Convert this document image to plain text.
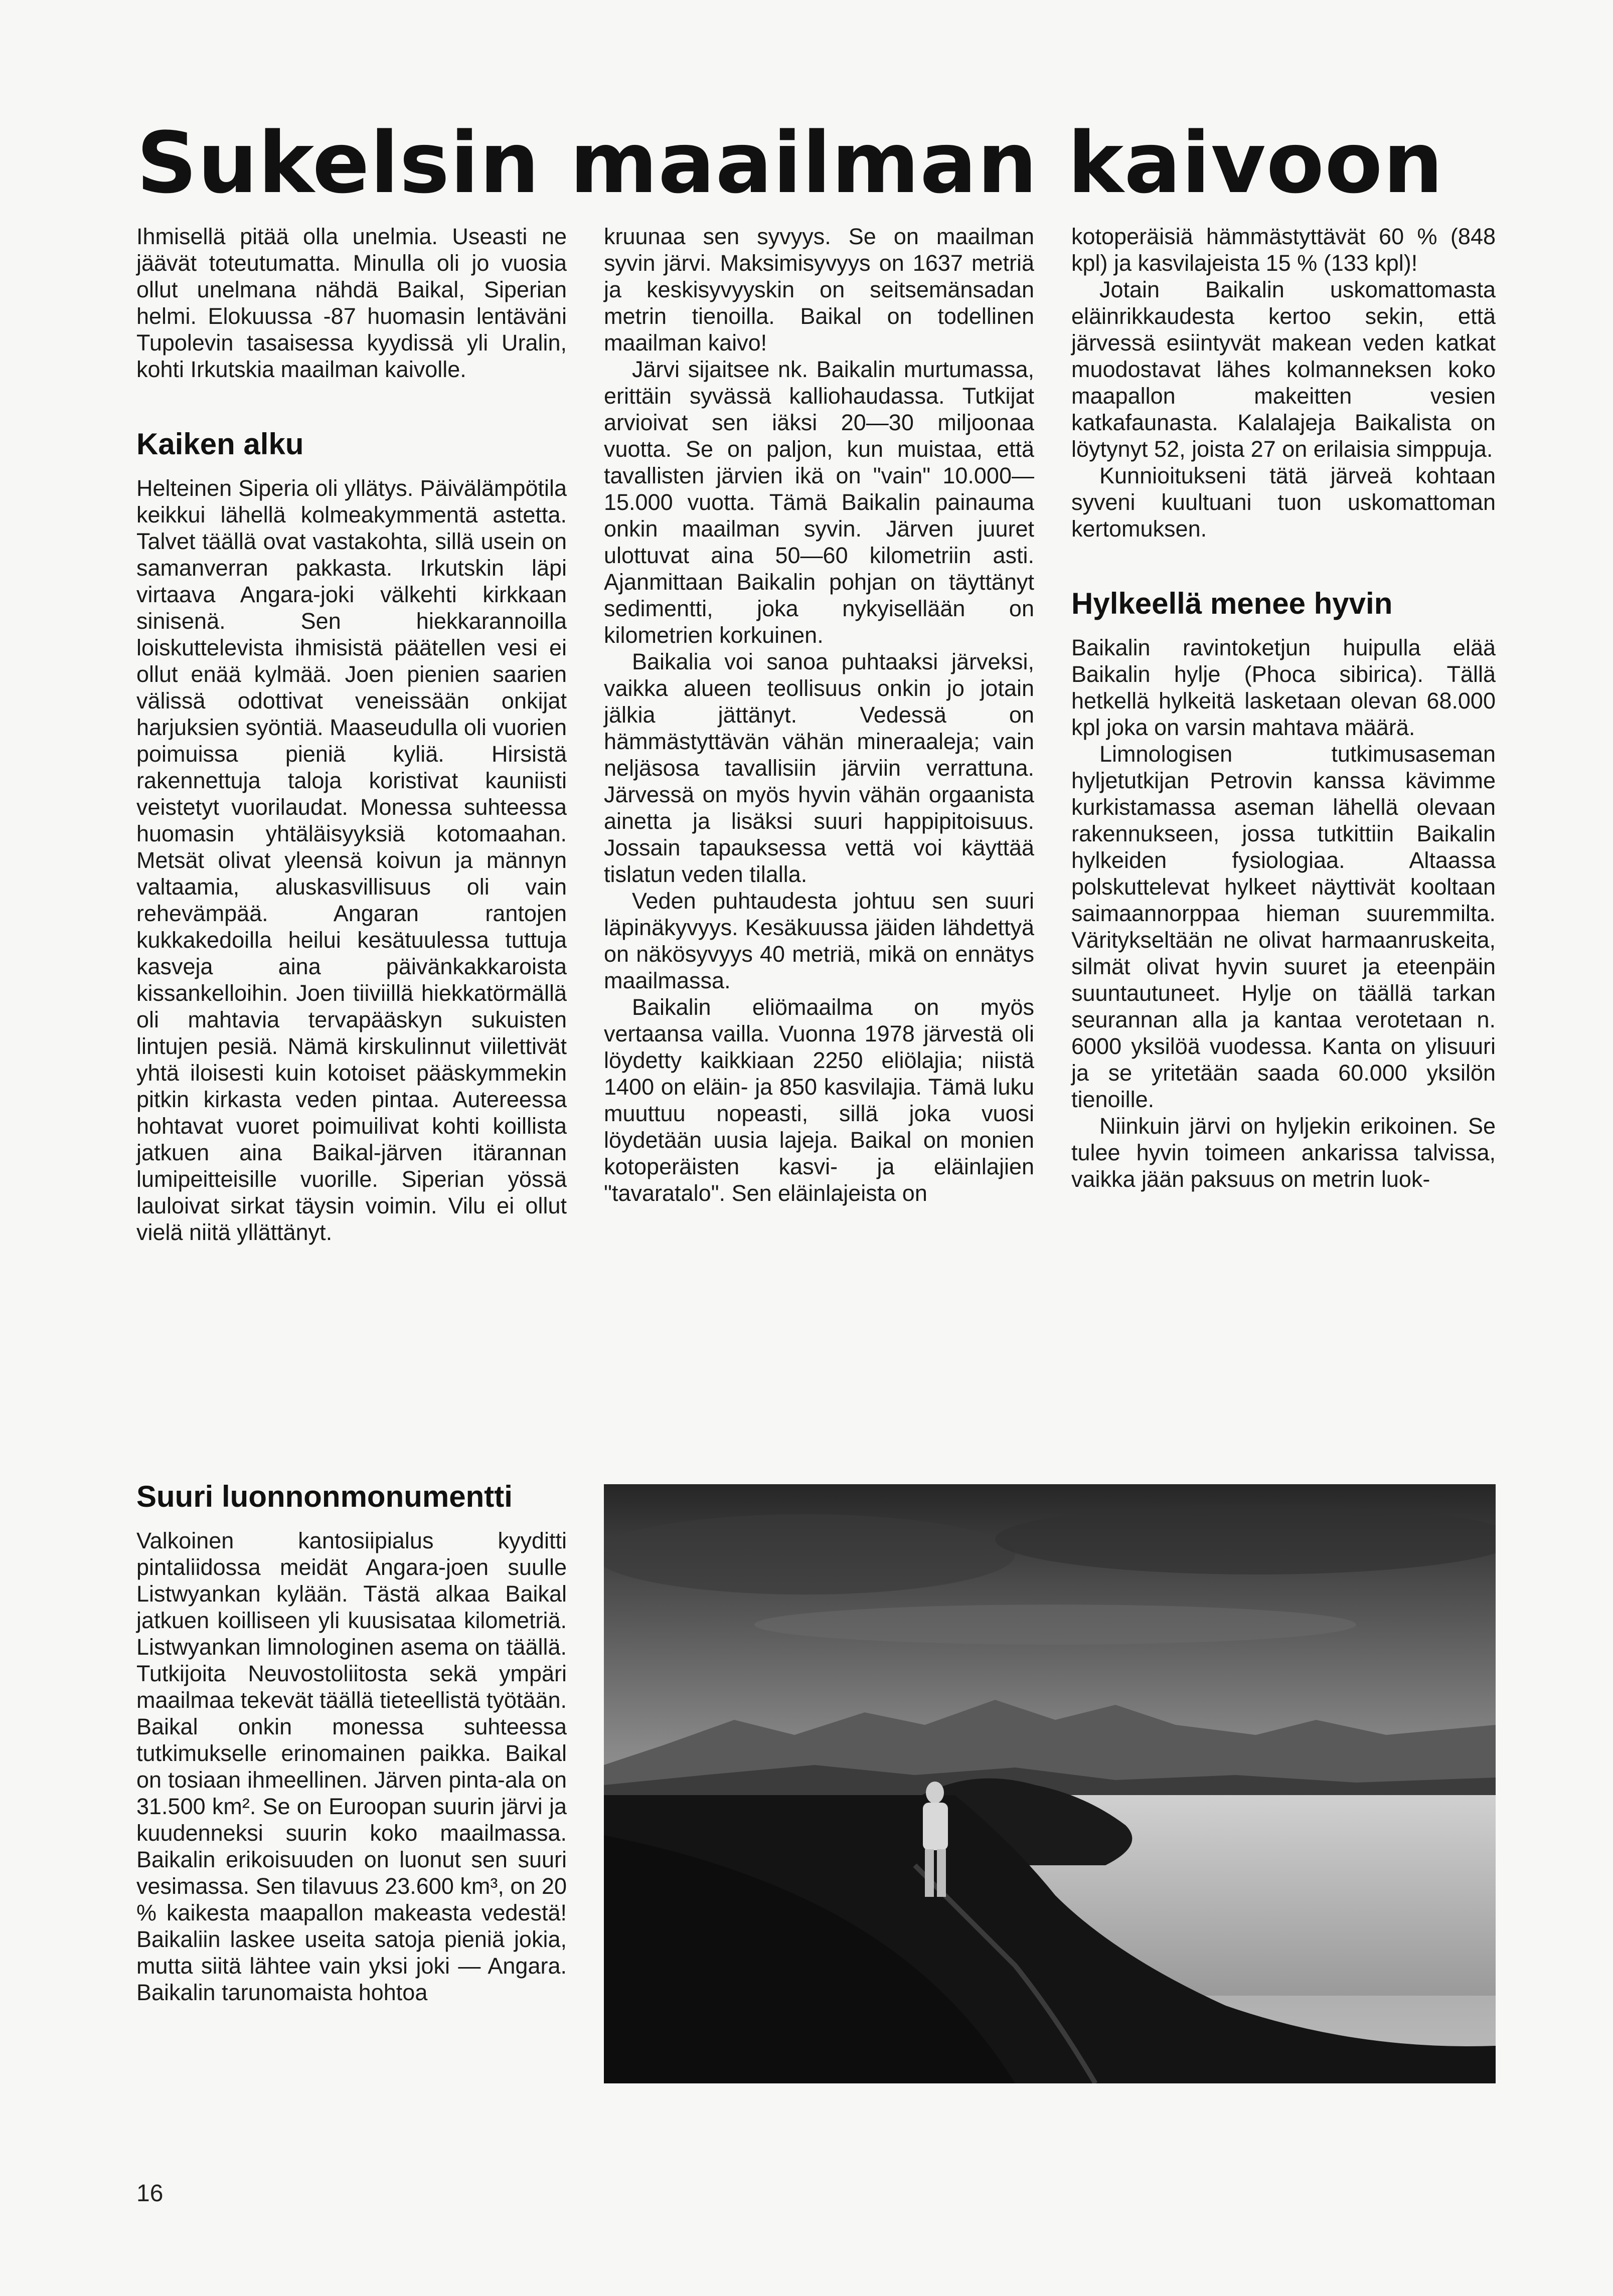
Sukelsin maailman kaivoon

Ihmisellä pitää olla unelmia. Useasti ne jäävät toteutumatta. Minulla oli jo vuosia ollut unelmana nähdä Baikal, Siperian helmi. Elokuussa -87 huomasin lentäväni Tupolevin tasaisessa kyydissä yli Uralin, kohti Irkutskia maailman kaivolle.

Kaiken alku

Helteinen Siperia oli yllätys. Päivälämpötila keikkui lähellä kolmeakymmentä astetta. Talvet täällä ovat vastakohta, sillä usein on samanverran pakkasta. Irkutskin läpi virtaava Angara-joki välkehti kirkkaan sinisenä. Sen hiekkarannoilla loiskuttelevista ihmisistä päätellen vesi ei ollut enää kylmää. Joen pienien saarien välissä odottivat veneissään onkijat harjuksien syöntiä. Maaseudulla oli vuorien poimuissa pieniä kyliä. Hirsistä rakennettuja taloja koristivat kauniisti veistetyt vuorilaudat. Monessa suhteessa huomasin yhtäläisyyksiä kotomaahan. Metsät olivat yleensä koivun ja männyn valtaamia, aluskasvillisuus oli vain rehevämpää. Angaran rantojen kukkakedoilla heilui kesätuulessa tuttuja kasveja aina päivänkakkaroista kissankelloihin. Joen tiiviillä hiekkatörmällä oli mahtavia tervapääskyn sukuisten lintujen pesiä. Nämä kirskulinnut viilettivät yhtä iloisesti kuin kotoiset pääskymmekin pitkin kirkasta veden pintaa. Autereessa hohtavat vuoret poimuilivat kohti koillista jatkuen aina Baikal-järven itärannan lumipeitteisille vuorille. Siperian yössä lauloivat sirkat täysin voimin. Vilu ei ollut vielä niitä yllättänyt.

kruunaa sen syvyys. Se on maailman syvin järvi. Maksimisyvyys on 1637 metriä ja keskisyvyyskin on seitsemänsadan metrin tienoilla. Baikal on todellinen maailman kaivo!

Järvi sijaitsee nk. Baikalin murtumassa, erittäin syvässä kalliohaudassa. Tutkijat arvioivat sen iäksi 20—30 miljoonaa vuotta. Se on paljon, kun muistaa, että tavallisten järvien ikä on "vain" 10.000—15.000 vuotta. Tämä Baikalin painauma onkin maailman syvin. Järven juuret ulottuvat aina 50—60 kilometriin asti. Ajanmittaan Baikalin pohjan on täyttänyt sedimentti, joka nykyisellään on kilometrien korkuinen.

Baikalia voi sanoa puhtaaksi järveksi, vaikka alueen teollisuus onkin jo jotain jälkia jättänyt. Vedessä on hämmästyttävän vähän mineraaleja; vain neljäsosa tavallisiin järviin verrattuna. Järvessä on myös hyvin vähän orgaanista ainetta ja lisäksi suuri happipitoisuus. Jossain tapauksessa vettä voi käyttää tislatun veden tilalla.

Veden puhtaudesta johtuu sen suuri läpinäkyvyys. Kesäkuussa jäiden lähdettyä on näkösyvyys 40 metriä, mikä on ennätys maailmassa.

Baikalin eliömaailma on myös vertaansa vailla. Vuonna 1978 järvestä oli löydetty kaikkiaan 2250 eliölajia; niistä 1400 on eläin- ja 850 kasvilajia. Tämä luku muuttuu nopeasti, sillä joka vuosi löydetään uusia lajeja. Baikal on monien kotoperäisten kasvi- ja eläinlajien "tavaratalo". Sen eläinlajeista on

kotoperäisiä hämmästyttävät 60 % (848 kpl) ja kasvilajeista 15 % (133 kpl)!

Jotain Baikalin uskomattomasta eläinrikkaudesta kertoo sekin, että järvessä esiintyvät makean veden katkat muodostavat lähes kolmanneksen koko maapallon makeitten vesien katkafaunasta. Kalalajeja Baikalista on löytynyt 52, joista 27 on erilaisia simppuja.

Kunnioitukseni tätä järveä kohtaan syveni kuultuani tuon uskomattoman kertomuksen.

Hylkeellä menee hyvin

Baikalin ravintoketjun huipulla elää Baikalin hylje (Phoca sibirica). Tällä hetkellä hylkeitä lasketaan olevan 68.000 kpl joka on varsin mahtava määrä.

Limnologisen tutkimusaseman hyljetutkijan Petrovin kanssa kävimme kurkistamassa aseman lähellä olevaan rakennukseen, jossa tutkittiin Baikalin hylkeiden fysiologiaa. Altaassa polskuttelevat hylkeet näyttivät kooltaan saimaannorppaa hieman suuremmilta. Väritykseltään ne olivat harmaanruskeita, silmät olivat hyvin suuret ja eteenpäin suuntautuneet. Hylje on täällä tarkan seurannan alla ja kantaa verotetaan n. 6000 yksilöä vuodessa. Kanta on ylisuuri ja se yritetään saada 60.000 yksilön tienoille.

Niinkuin järvi on hyljekin erikoinen. Se tulee hyvin toimeen ankarissa talvissa, vaikka jään paksuus on metrin luok-

Suuri luonnonmonumentti

Valkoinen kantosiipialus kyyditti pintaliidossa meidät Angara-joen suulle Listwyankan kylään. Tästä alkaa Baikal jatkuen koilliseen yli kuusisataa kilometriä. Listwyankan limnologinen asema on täällä. Tutkijoita Neuvostoliitosta sekä ympäri maailmaa tekevät täällä tieteellistä työtään. Baikal onkin monessa suhteessa tutkimukselle erinomainen paikka. Baikal on tosiaan ihmeellinen. Järven pinta-ala on 31.500 km². Se on Euroopan suurin järvi ja kuudenneksi suurin koko maailmassa. Baikalin erikoisuuden on luonut sen suuri vesimassa. Sen tilavuus 23.600 km³, on 20 % kaikesta maapallon makeasta vedestä! Baikaliin laskee useita satoja pieniä jokia, mutta siitä lähtee vain yksi joki — Angara. Baikalin tarunomaista hohtoa

16
